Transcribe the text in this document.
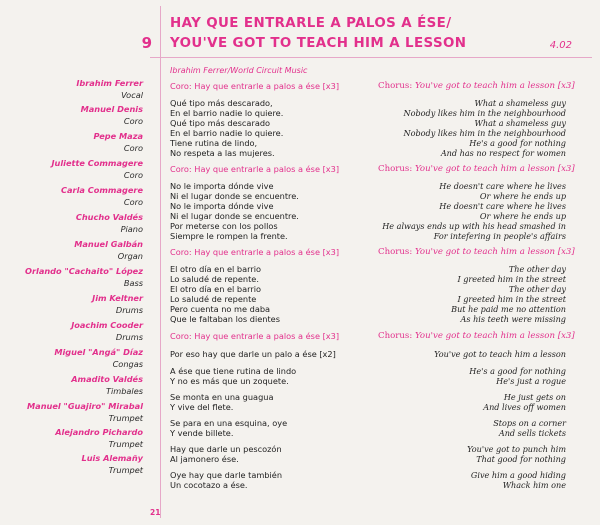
9
HAY QUE ENTRARLE A PALOS A ÉSE/
YOU'VE GOT TO TEACH HIM A LESSON	4.02
Ibrahim Ferrer/World Circuit Music
Ibrahim Ferrer
Vocal
Manuel Denis
Coro
Pepe Maza
Coro
Juliette Commagere
Coro
Carla Commagere
Coro
Chucho Valdés
Piano
Manuel Galbán
Organ
Orlando "Cachaito" López
Bass
Jim Keltner
Drums
Joachim Cooder
Drums
Miguel "Angá" Díaz
Congas
Amadito Valdés
Timbales
Manuel "Guajiro" Mirabal
Trumpet
Alejandro Pichardo
Trumpet
Luis Alemañy
Trumpet
Coro: Hay que entrarle a palos a ése [x3]
Qué tipo más descarado,
En el barrio nadie lo quiere.
Qué tipo más descarado
En el barrio nadie lo quiere.
Tiene rutina de lindo,
No respeta a las mujeres.
Coro: Hay que entrarle a palos a ése [x3]
No le importa dónde vive
Ni el lugar donde se encuentre.
No le importa dónde vive
Ni el lugar donde se encuentre.
Por meterse con los pollos
Siempre le rompen la frente.
Coro: Hay que entrarle a palos a ése [x3]
El otro día en el barrio
Lo saludé de repente.
El otro día en el barrio
Lo saludé de repente
Pero cuenta no me daba
Que le faltaban los dientes
Coro: Hay que entrarle a palos a ése [x3]
Por eso hay que darle un palo a ése [x2]
A ése que tiene rutina de lindo
Y no es más que un zoquete.
Se monta en una guagua
Y vive del flete.
Se para en una esquina, oye
Y vende billete.
Hay que darle un pescozón
Al jamonero ése.
Oye hay que darle también
Un cocotazo a ése.
Chorus: You've got to teach him a lesson [x3]
What a shameless guy
Nobody likes him in the neighbourhood
What a shameless guy
Nobody likes him in the neighbourhood
He's a good for nothing
And has no respect for women
Chorus: You've got to teach him a lesson [x3]
He doesn't care where he lives
Or where he ends up
He doesn't care where he lives
Or where he ends up
He always ends up with his head smashed in
For intefering in people's affairs
Chorus: You've got to teach him a lesson [x3]
The other day
I greeted him in the street
The other day
I greeted him in the street
But he paid me no attention
As his teeth were missing
Chorus: You've got to teach him a lesson [x3]
You've got to teach him a lesson
He's a good for nothing
He's just a rogue
He just gets on
And lives off women
Stops on a corner
And sells tickets
You've got to punch him
That good for nothing
Give him a good hiding
Whack him one
21
